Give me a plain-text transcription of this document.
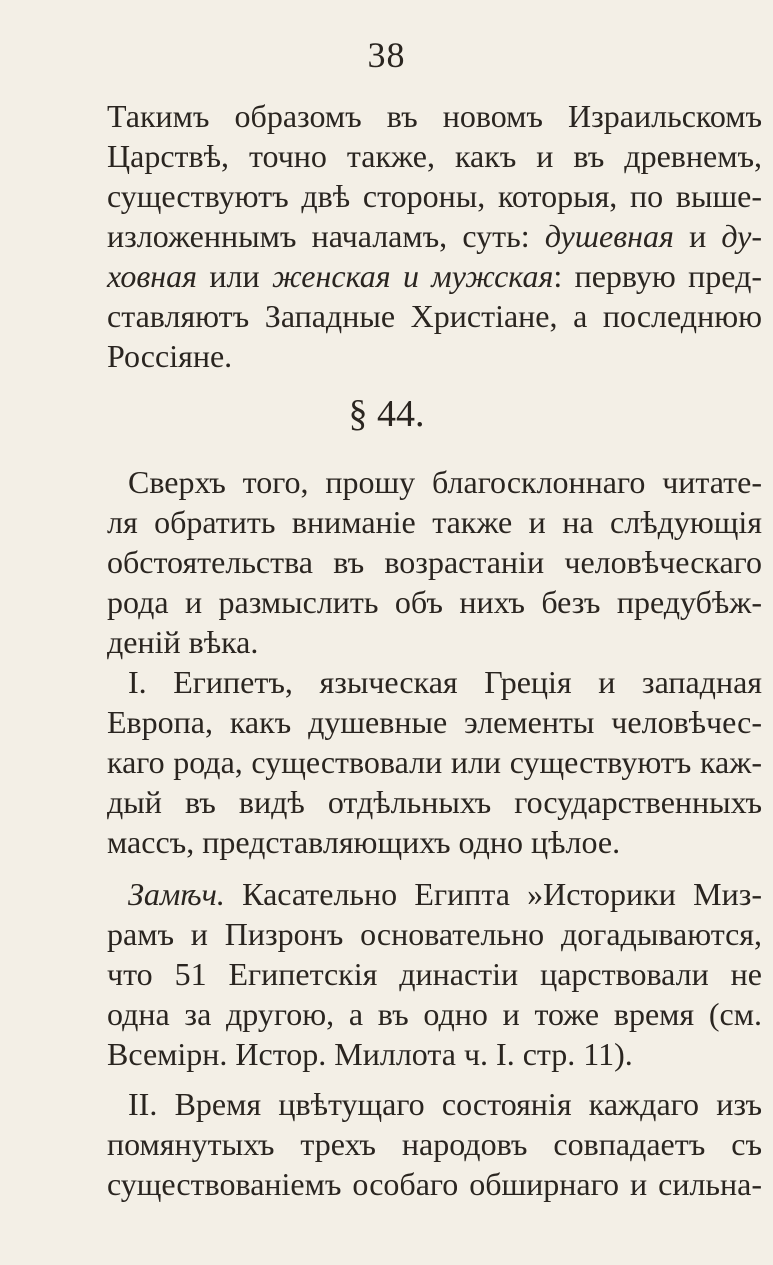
38
Такимъ образомъ въ новомъ Израильскомъ
Царствѣ, точно также, какъ и въ древнемъ,
существуютъ двѣ стороны, которыя, по выше-
изложеннымъ началамъ, суть: душевная и ду-
ховная или женская и мужская: первую пред-
ставляютъ Западные Христiане, а последнюю
Россiяне.
§ 44.
Сверхъ того, прошу благосклоннаго читате-
ля обратить вниманiе также и на слѣдующiя
обстоятельства въ возрастанiи человѣческаго
рода и размыслить объ нихъ безъ предубѣж-
денiй вѣка.
I. Египетъ, языческая Грецiя и западная
Европа, какъ душевные элементы человѣчес-
каго рода, существовали или существуютъ каж-
дый въ видѣ отдѣльныхъ государственныхъ
массъ, представляющихъ одно цѣлое.
Замѣч. Касательно Египта »Историки Миз-
рамъ и Пизронъ основательно догадываются,
что 51 Египетскiя династiи царствовали не
одна за другою, а въ одно и тоже время (см.
Всемiрн. Истор. Миллота ч. I. стр. 11).
II. Время цвѣтущаго состоянiя каждаго изъ
помянутыхъ трехъ народовъ совпадаетъ съ
существованiемъ особаго обширнаго и сильна-
